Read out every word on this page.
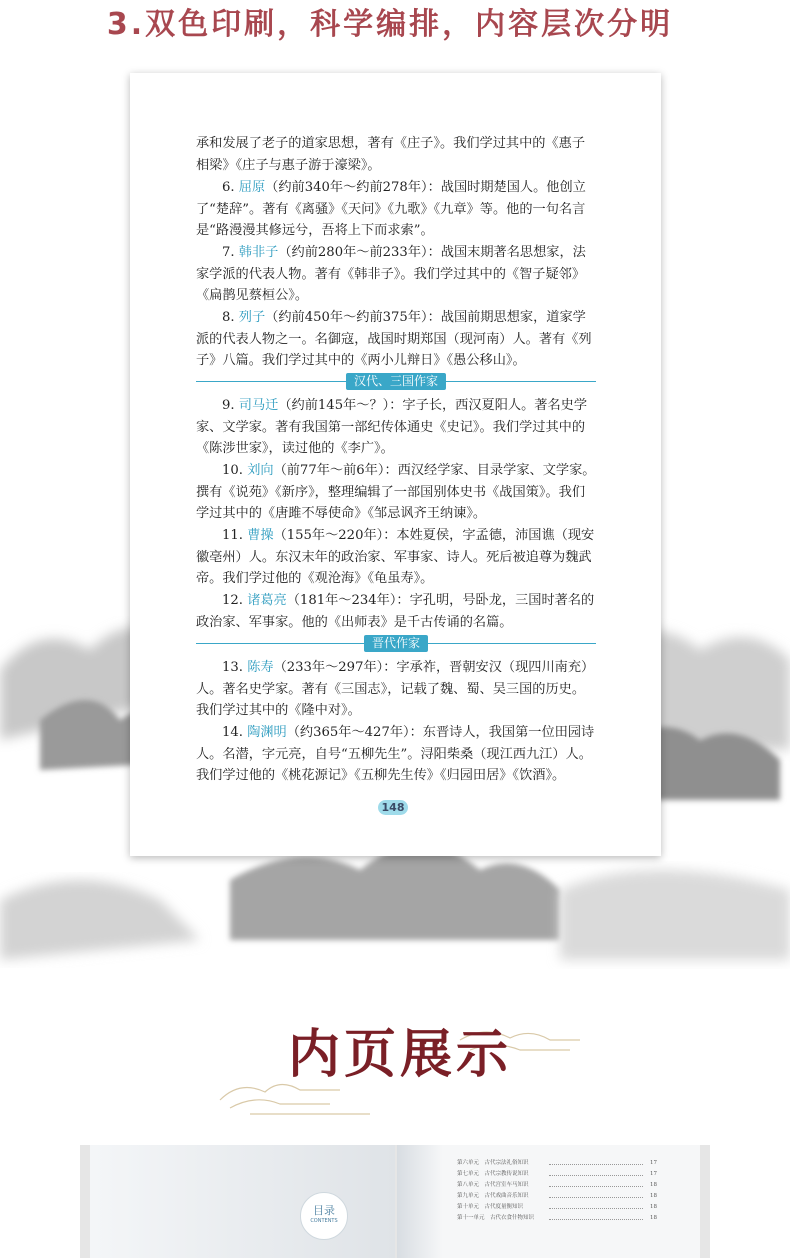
3.双色印刷，科学编排，内容层次分明
承和发展了老子的道家思想，著有《庄子》。我们学过其中的《惠子相梁》《庄子与惠子游于濠梁》。
6. 屈原（约前340年～约前278年）：战国时期楚国人。他创立了“楚辞”。著有《离骚》《天问》《九歌》《九章》等。他的一句名言是“路漫漫其修远兮，吾将上下而求索”。
7. 韩非子（约前280年～前233年）：战国末期著名思想家，法家学派的代表人物。著有《韩非子》。我们学过其中的《智子疑邻》《扁鹊见蔡桓公》。
8. 列子（约前450年～约前375年）：战国前期思想家，道家学派的代表人物之一。名御寇，战国时期郑国（现河南）人。著有《列子》八篇。我们学过其中的《两小儿辩日》《愚公移山》。
汉代、三国作家
9. 司马迁（约前145年～？）：字子长，西汉夏阳人。著名史学家、文学家。著有我国第一部纪传体通史《史记》。我们学过其中的《陈涉世家》，读过他的《李广》。
10. 刘向（前77年～前6年）：西汉经学家、目录学家、文学家。撰有《说苑》《新序》，整理编辑了一部国别体史书《战国策》。我们学过其中的《唐雎不辱使命》《邹忌讽齐王纳谏》。
11. 曹操（155年～220年）：本姓夏侯，字孟德，沛国谯（现安徽亳州）人。东汉末年的政治家、军事家、诗人。死后被追尊为魏武帝。我们学过他的《观沧海》《龟虽寿》。
12. 诸葛亮（181年～234年）：字孔明，号卧龙，三国时著名的政治家、军事家。他的《出师表》是千古传诵的名篇。
晋代作家
13. 陈寿（233年～297年）：字承祚，晋朝安汉（现四川南充）人。著名史学家。著有《三国志》，记载了魏、蜀、吴三国的历史。我们学过其中的《隆中对》。
14. 陶渊明（约365年～427年）：东晋诗人，我国第一位田园诗人。名潜，字元亮，自号“五柳先生”。浔阳柴桑（现江西九江）人。我们学过他的《桃花源记》《五柳先生传》《归园田居》《饮酒》。
148
内页展示
目录
CONTENTS
第六单元　古代宗法礼俗知识	17
第七单元　古代宗教传说知识	17
第八单元　古代宫室车马知识	18
第九单元　古代戏曲音乐知识	18
第十单元　古代度量衡知识	18
第十一单元　古代衣食什物知识	18
